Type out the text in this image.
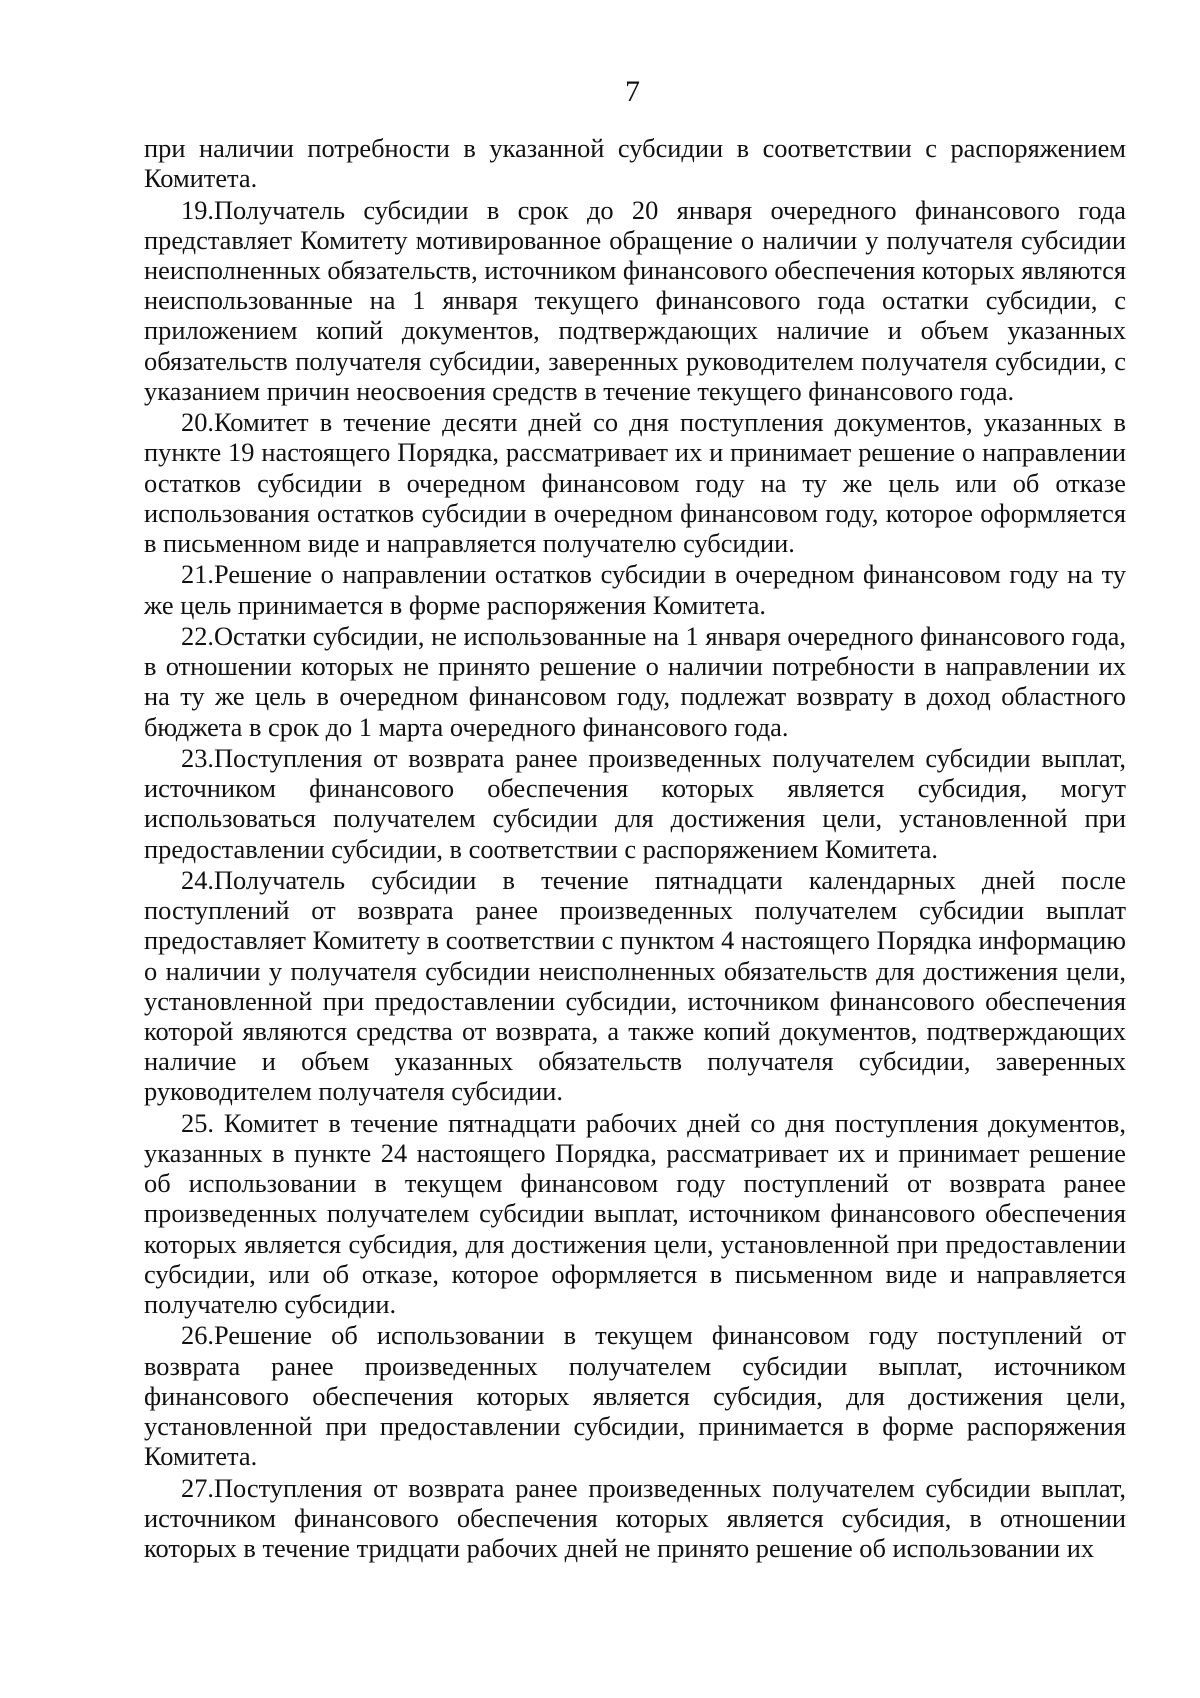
7

при наличии потребности в указанной субсидии в соответствии с распоряжением Комитета.

19.Получатель субсидии в срок до 20 января очередного финансового года представляет Комитету мотивированное обращение о наличии у получателя субсидии неисполненных обязательств, источником финансового обеспечения которых являются неиспользованные на 1 января текущего финансового года остатки субсидии, с приложением копий документов, подтверждающих наличие и объем указанных обязательств получателя субсидии, заверенных руководителем получателя субсидии, с указанием причин неосвоения средств в течение текущего финансового года.

20.Комитет в течение десяти дней со дня поступления документов, указанных в пункте 19 настоящего Порядка, рассматривает их и принимает решение о направлении остатков субсидии в очередном финансовом году на ту же цель или об отказе использования остатков субсидии в очередном финансовом году, которое оформляется в письменном виде и направляется получателю субсидии.

21.Решение о направлении остатков субсидии в очередном финансовом году на ту же цель принимается в форме распоряжения Комитета.

22.Остатки субсидии, не использованные на 1 января очередного финансового года, в отношении которых не принято решение о наличии потребности в направлении их на ту же цель в очередном финансовом году, подлежат возврату в доход областного бюджета в срок до 1 марта очередного финансового года.

23.Поступления от возврата ранее произведенных получателем субсидии выплат, источником финансового обеспечения которых является субсидия, могут использоваться получателем субсидии для достижения цели, установленной при предоставлении субсидии, в соответствии с распоряжением Комитета.

24.Получатель субсидии в течение пятнадцати календарных дней после поступлений от возврата ранее произведенных получателем субсидии выплат предоставляет Комитету в соответствии с пунктом 4 настоящего Порядка информацию о наличии у получателя субсидии неисполненных обязательств для достижения цели, установленной при предоставлении субсидии, источником финансового обеспечения которой являются средства от возврата, а также копий документов, подтверждающих наличие и объем указанных обязательств получателя субсидии, заверенных руководителем получателя субсидии.

25. Комитет в течение пятнадцати рабочих дней со дня поступления документов, указанных в пункте 24 настоящего Порядка, рассматривает их и принимает решение об использовании в текущем финансовом году поступлений от возврата ранее произведенных получателем субсидии выплат, источником финансового обеспечения которых является субсидия, для достижения цели, установленной при предоставлении субсидии, или об отказе, которое оформляется в письменном виде и направляется получателю субсидии.

26.Решение об использовании в текущем финансовом году поступлений от возврата ранее произведенных получателем субсидии выплат, источником финансового обеспечения которых является субсидия, для достижения цели, установленной при предоставлении субсидии, принимается в форме распоряжения Комитета.

27.Поступления от возврата ранее произведенных получателем субсидии выплат, источником финансового обеспечения которых является субсидия, в отношении которых в течение тридцати рабочих дней не принято решение об использовании их
